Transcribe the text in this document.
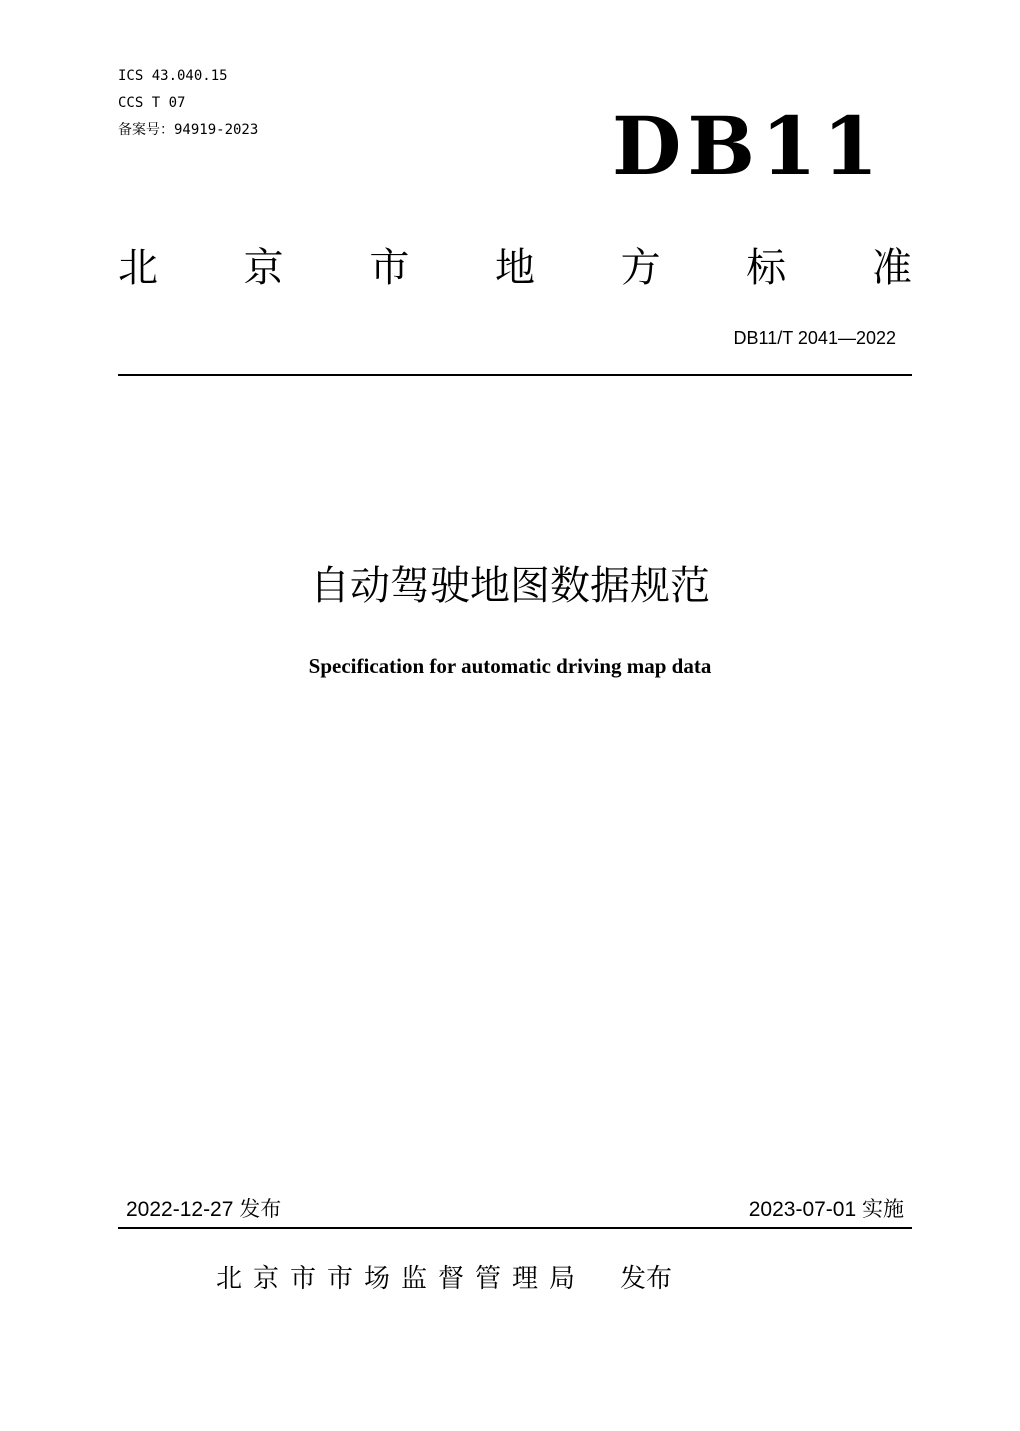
ICS 43.040.15
CCS T 07
备案号：94919-2023	DB11
北 京 市 地 方 标 准
DB11/T 2041—2022
自动驾驶地图数据规范
Specification for automatic driving map data
2022-12-27 发布	2023-07-01 实施
北京市市场监督管理局 发布
